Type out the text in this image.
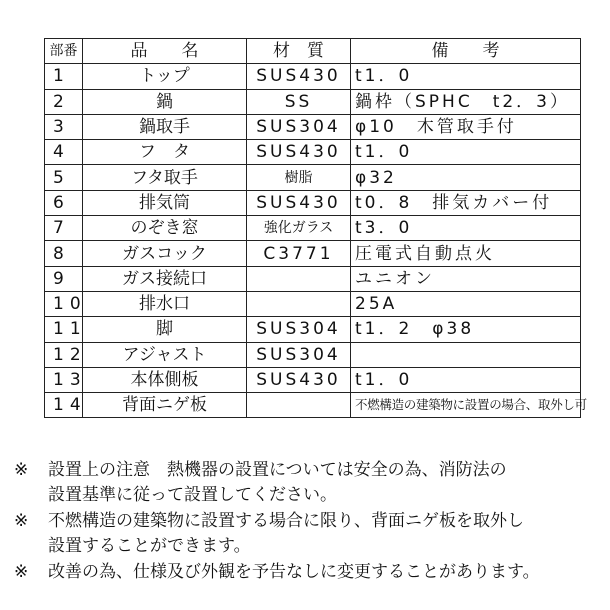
部番	品　　名	材　質	備　　考
1	トップ	SUS430	t1．0
2	鍋	SS	鍋枠（SPHC　t2．3）
3	鍋取手	SUS304	φ10　木管取手付
4	フ　タ	SUS430	t1．0
5	フタ取手	樹脂	φ32
6	排気筒	SUS430	t0．8　排気カバー付
7	のぞき窓	強化ガラス	t3．0
8	ガスコック	C3771	圧電式自動点火
9	ガス接続口		ユニオン
10	排水口		25A
11	脚	SUS304	t1．2　φ38
12	アジャスト	SUS304	
13	本体側板	SUS430	t1．0
14	背面ニゲ板		不燃構造の建築物に設置の場合、取外し可
※	設置上の注意　熱機器の設置については安全の為、消防法の
設置基準に従って設置してください。
※	不燃構造の建築物に設置する場合に限り、背面ニゲ板を取外し
設置することができます。
※	改善の為、仕様及び外観を予告なしに変更することがあります。
